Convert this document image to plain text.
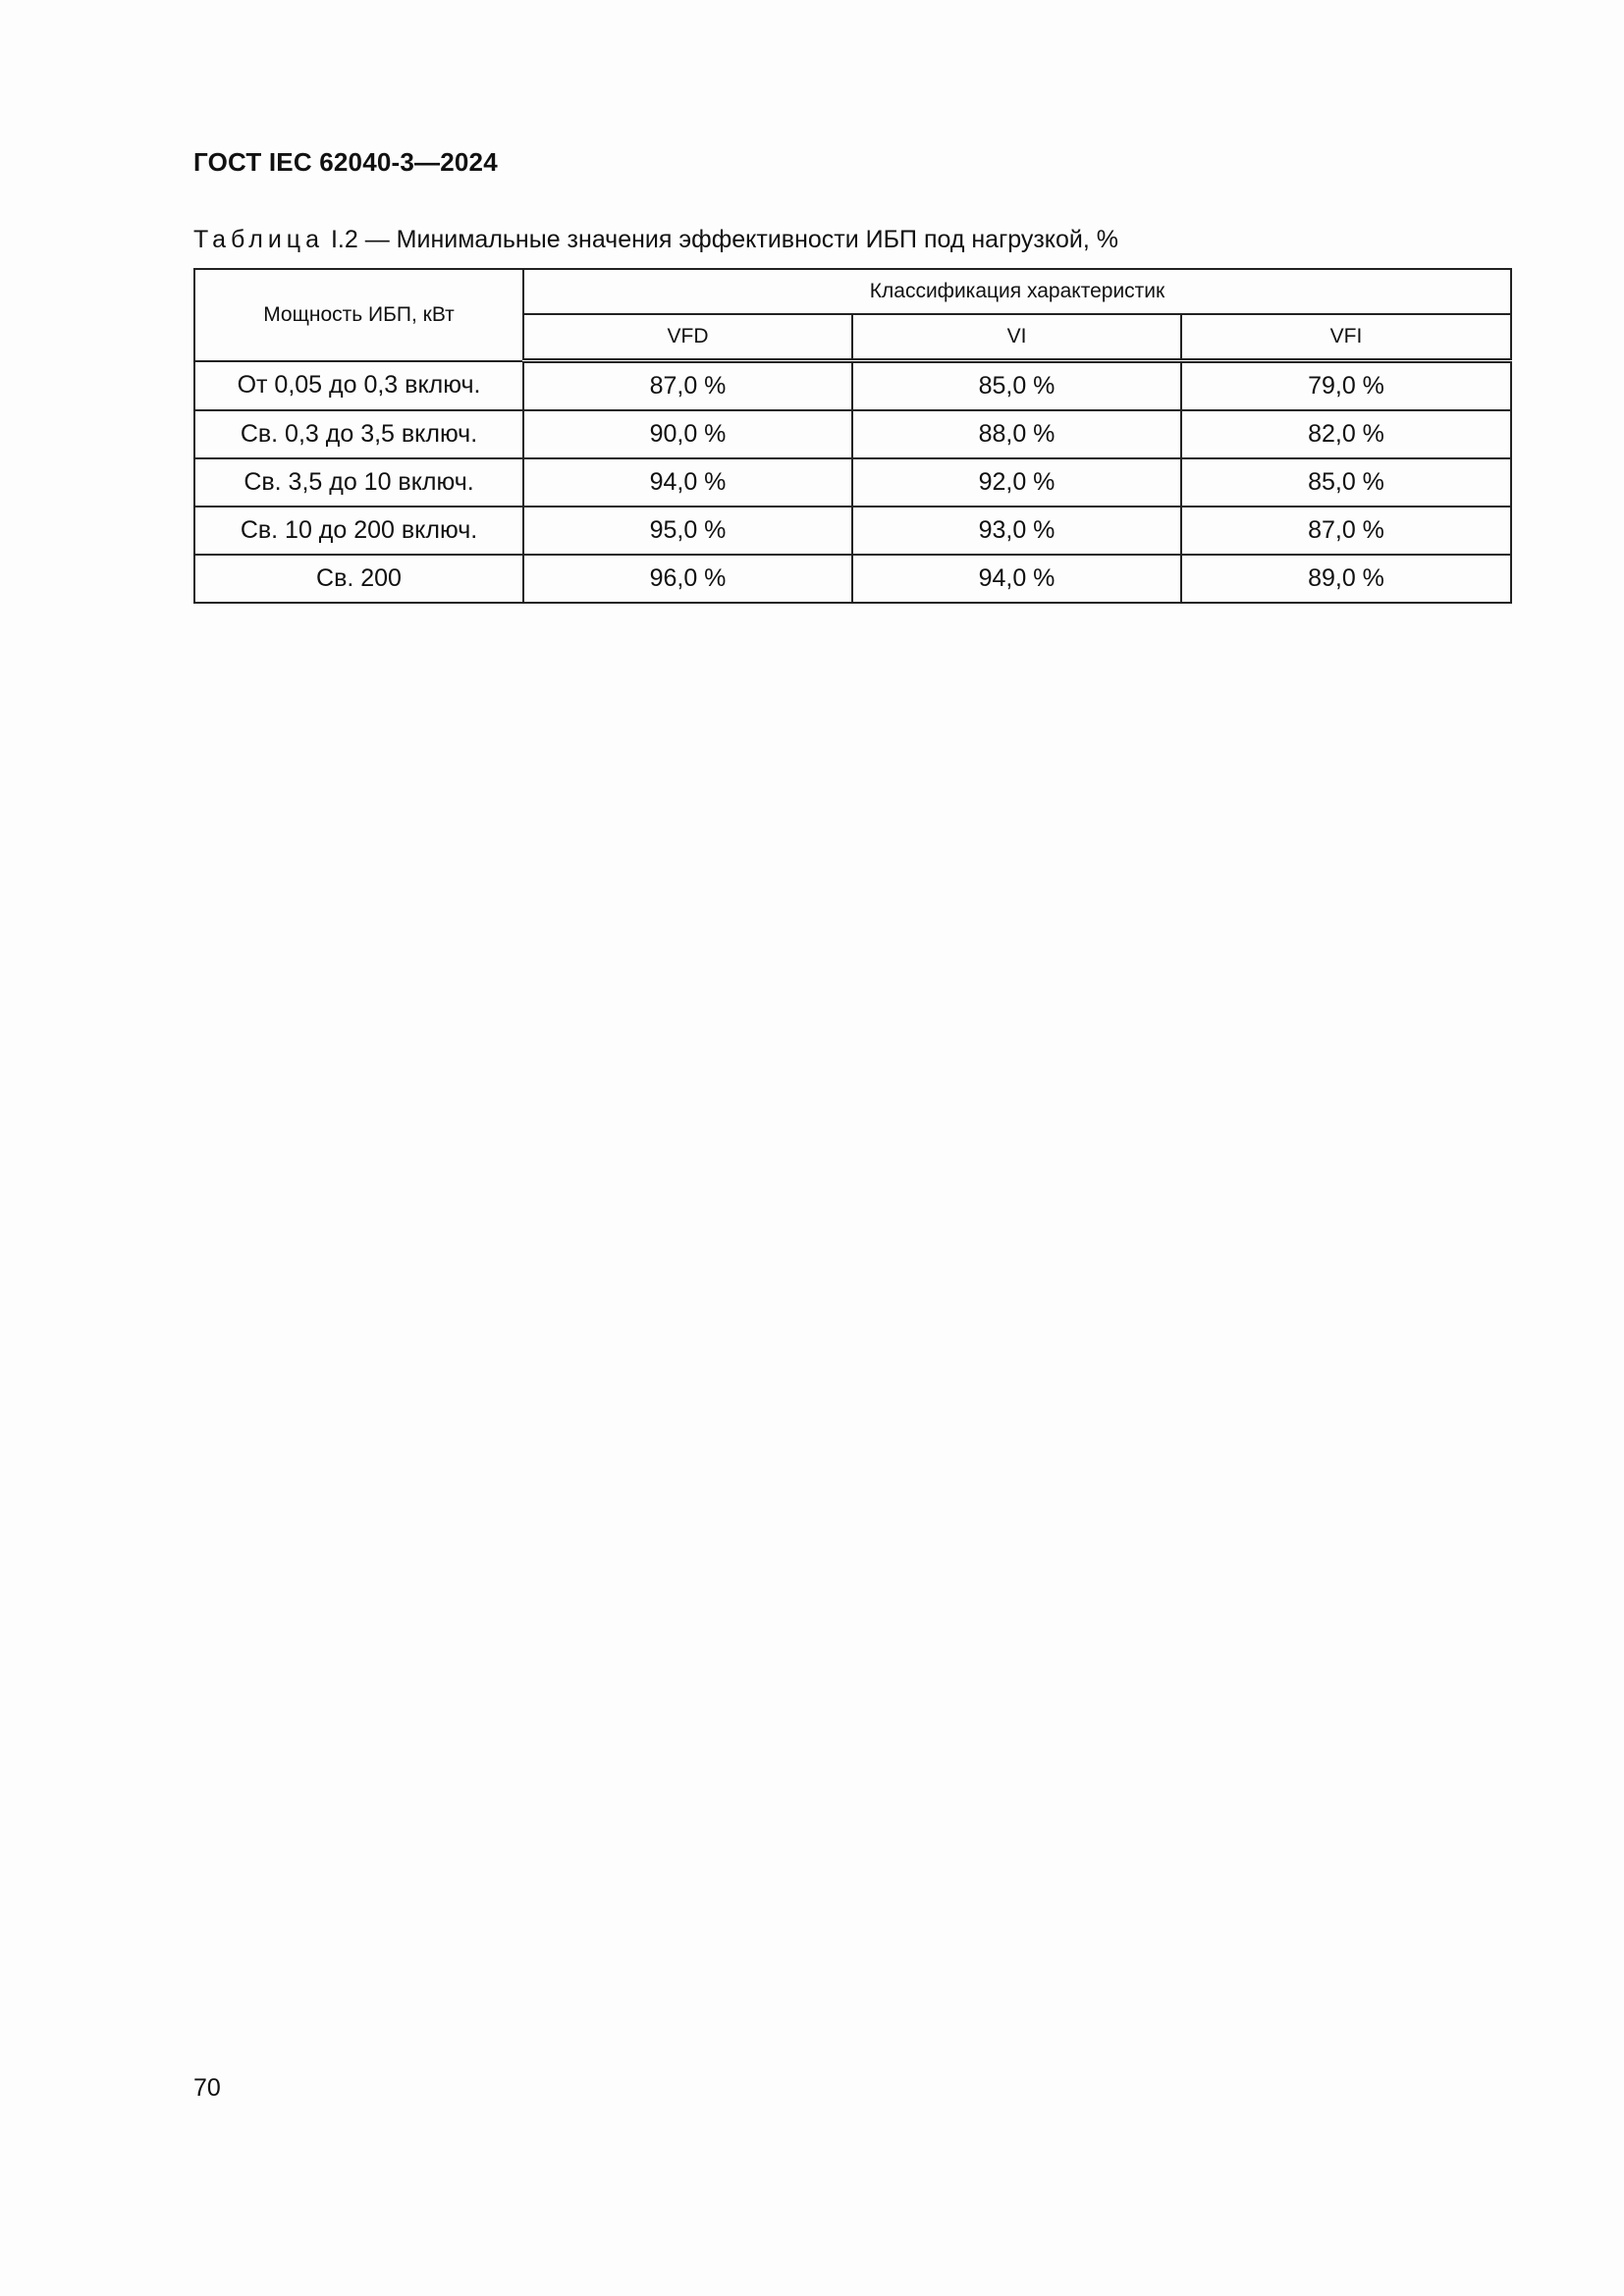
ГОСТ IEC 62040-3—2024
Таблица I.2 — Минимальные значения эффективности ИБП под нагрузкой, %
Мощность ИБП, кВт	Классификация характеристик		
	VFD	VI	VFI
От 0,05 до 0,3 включ.	87,0 %	85,0 %	79,0 %
Св. 0,3 до 3,5 включ.	90,0 %	88,0 %	82,0 %
Св. 3,5 до 10 включ.	94,0 %	92,0 %	85,0 %
Св. 10 до 200 включ.	95,0 %	93,0 %	87,0 %
Св. 200	96,0 %	94,0 %	89,0 %
70
